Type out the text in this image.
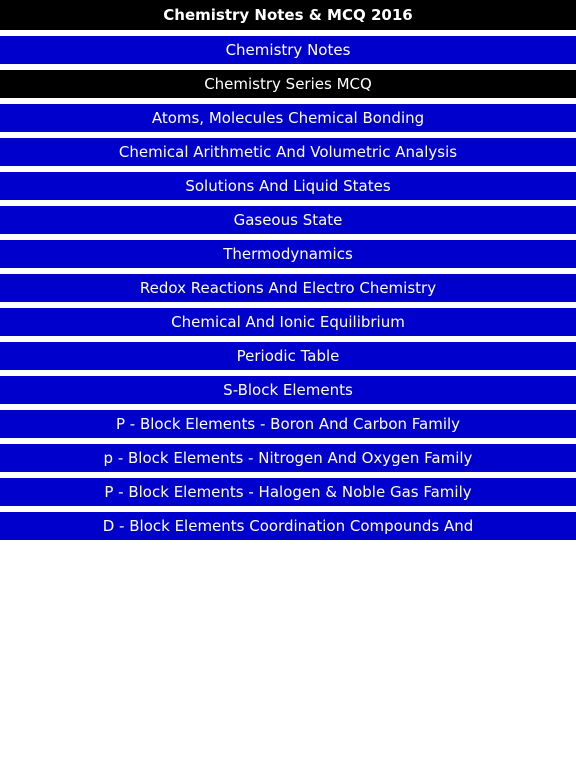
Chemistry Notes & MCQ 2016
Chemistry Notes
Chemistry Series MCQ
Atoms, Molecules Chemical Bonding
Chemical Arithmetic And Volumetric Analysis
Solutions And Liquid States
Gaseous State
Thermodynamics
Redox Reactions And Electro Chemistry
Chemical And Ionic Equilibrium
Periodic Table
S-Block Elements
P - Block Elements - Boron And Carbon Family
p - Block Elements - Nitrogen And Oxygen Family
P - Block Elements - Halogen & Noble Gas Family
D - Block Elements Coordination Compounds And
